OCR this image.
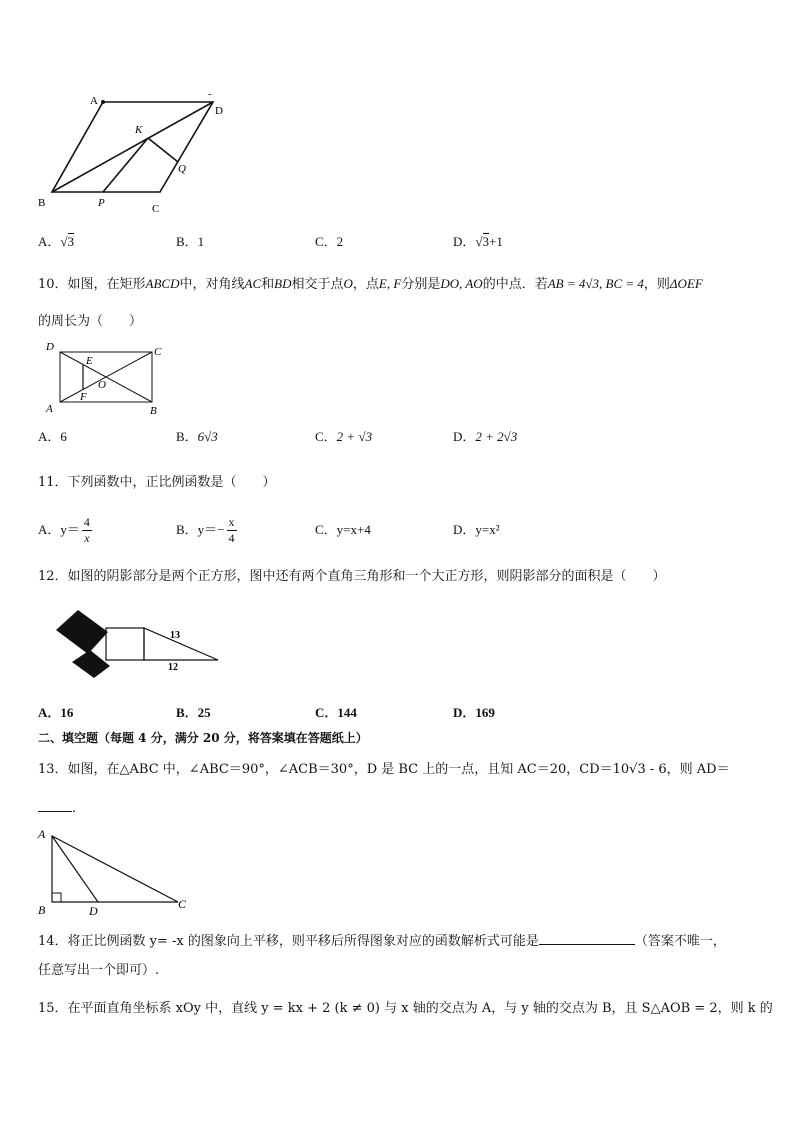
A
D
B	C
K
P
Q
-
A．√3	B．1	C．2	D．√3+1
10．如图，在矩形ABCD中，对角线AC和BD相交于点O，点E, F分别是DO, AO的中点．若AB = 4√3, BC = 4，则ΔOEF
的周长为（　　）
D	C
A	B
E
F
O
A．6	B．6√3	C．2 + √3	D．2 + 2√3
11．下列函数中，正比例函数是（　　）
A．y＝
4
x
B．$y=- \frac{x}{4}$	C．y=x+4	D．y=x²
12．如图的阴影部分是两个正方形，图中还有两个直角三角形和一个大正方形，则阴影部分的面积是（　　）
13
12
A．16	B．25	C．144	D．169
二、填空题（每题 4 分，满分 20 分，将答案填在答题纸上）
13．如图，在△ABC 中，∠ABC＝90°，∠ACB＝30°，D 是 BC 上的一点，且知 AC＝20，CD＝10√3 - 6，则 AD＝
．
A
B	D	C
14．将正比例函数 y= -x 的图象向上平移，则平移后所得图象对应的函数解析式可能是	（答案不唯一，
任意写出一个即可）.
15．在平面直角坐标系 xOy 中，直线 y = kx + 2 (k ≠ 0) 与 x 轴的交点为 A，与 y 轴的交点为 B，且 S△AOB = 2，则 k 的
